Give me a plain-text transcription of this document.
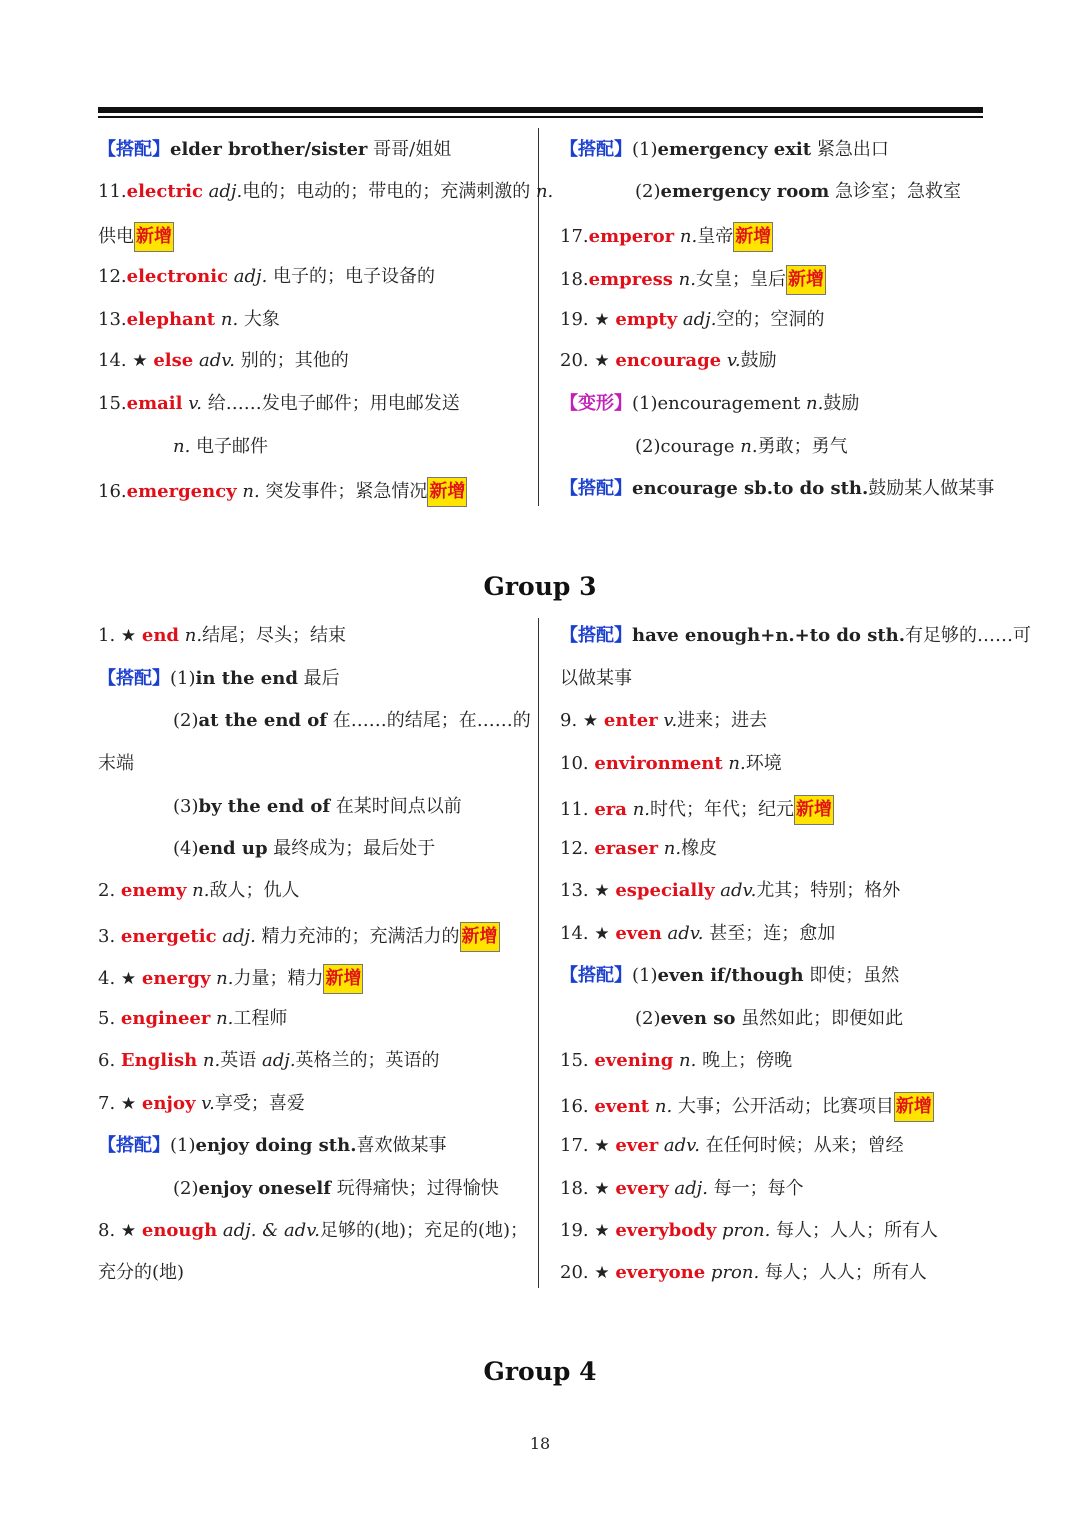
【搭配】elder brother/sister 哥哥/姐姐
11.electric adj.电的；电动的；带电的；充满刺激的 n.
供电 新增
12.electronic adj. 电子的；电子设备的
13.elephant n. 大象
14. ★ else adv. 别的；其他的
15.email v. 给……发电子邮件；用电邮发送
n. 电子邮件
16.emergency n. 突发事件；紧急情况 新增
【搭配】(1)emergency exit 紧急出口
(2)emergency room 急诊室；急救室
17.emperor n.皇帝 新增
18.empress n.女皇；皇后 新增
19. ★ empty adj.空的；空洞的
20. ★ encourage v.鼓励
【变形】(1)encouragement n.鼓励
(2)courage n.勇敢；勇气
【搭配】encourage sb.to do sth.鼓励某人做某事
Group 3
1. ★ end n.结尾；尽头；结束
【搭配】(1)in the end 最后
(2)at the end of 在……的结尾；在……的
末端
(3)by the end of 在某时间点以前
(4)end up 最终成为；最后处于
2. enemy n.敌人；仇人
3. energetic adj. 精力充沛的；充满活力的 新增
4. ★ energy n.力量；精力 新增
5. engineer n.工程师
6. English n.英语 adj.英格兰的；英语的
7. ★ enjoy v.享受；喜爱
【搭配】(1)enjoy doing sth.喜欢做某事
(2)enjoy oneself 玩得痛快；过得愉快
8. ★ enough adj. & adv.足够的(地)；充足的(地)；
充分的(地)
【搭配】have enough+n.+to do sth.有足够的……可
以做某事
9. ★ enter v.进来；进去
10. environment n.环境
11. era n.时代；年代；纪元 新增
12. eraser n.橡皮
13. ★ especially adv.尤其；特别；格外
14. ★ even adv. 甚至；连；愈加
【搭配】(1)even if/though 即使；虽然
(2)even so 虽然如此；即便如此
15. evening n. 晚上；傍晚
16. event n. 大事；公开活动；比赛项目 新增
17. ★ ever adv. 在任何时候；从来；曾经
18. ★ every adj. 每一；每个
19. ★ everybody pron. 每人；人人；所有人
20. ★ everyone pron. 每人；人人；所有人
Group 4
18
